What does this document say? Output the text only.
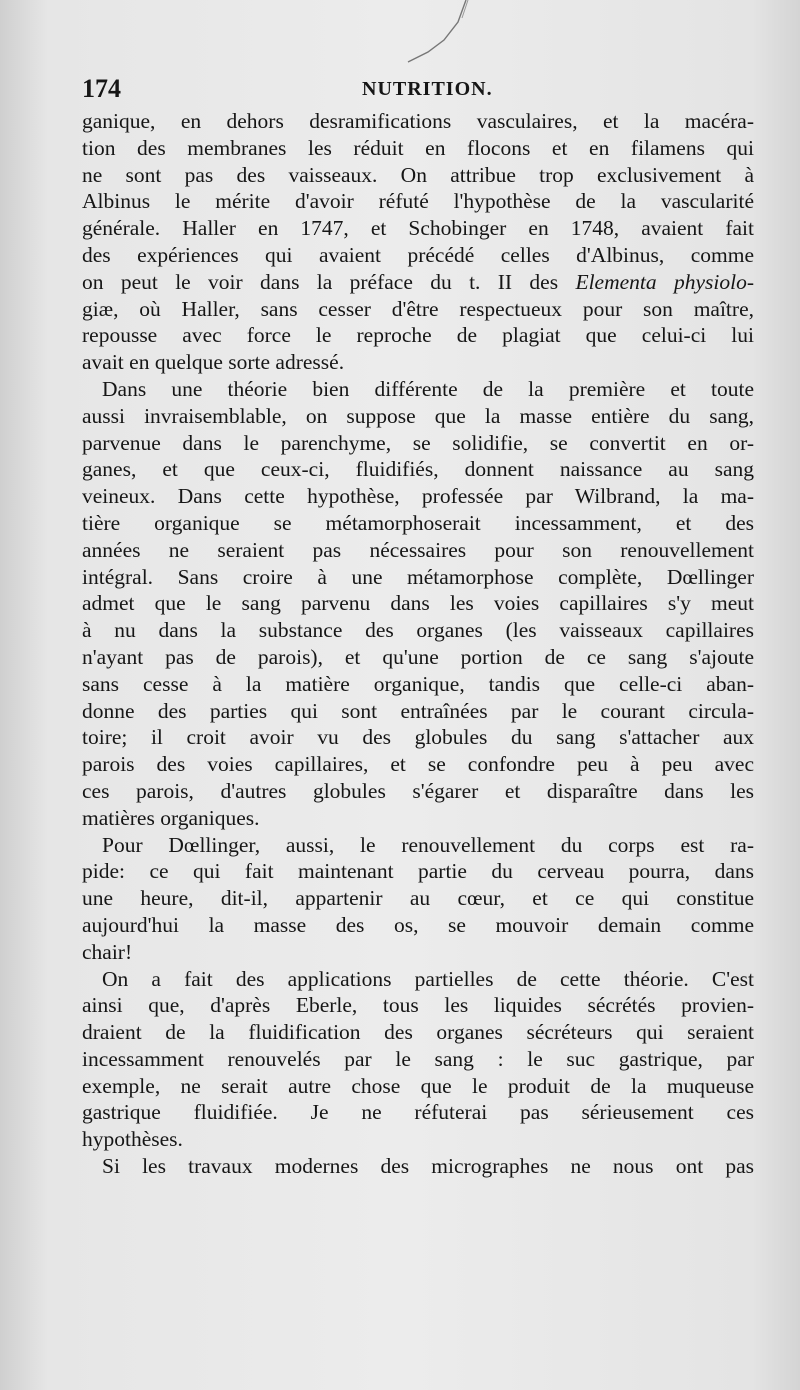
174	NUTRITION.
ganique, en dehors desramifications vasculaires, et la macéra-
tion des membranes les réduit en flocons et en filamens qui
ne sont pas des vaisseaux. On attribue trop exclusivement à
Albinus le mérite d'avoir réfuté l'hypothèse de la vascularité
générale. Haller en 1747, et Schobinger en 1748, avaient fait
des expériences qui avaient précédé celles d'Albinus, comme
on peut le voir dans la préface du t. II des Elementa physiolo-
giæ, où Haller, sans cesser d'être respectueux pour son maître,
repousse avec force le reproche de plagiat que celui-ci lui
avait en quelque sorte adressé.
Dans une théorie bien différente de la première et toute
aussi invraisemblable, on suppose que la masse entière du sang,
parvenue dans le parenchyme, se solidifie, se convertit en or-
ganes, et que ceux-ci, fluidifiés, donnent naissance au sang
veineux. Dans cette hypothèse, professée par Wilbrand, la ma-
tière organique se métamorphoserait incessamment, et des
années ne seraient pas nécessaires pour son renouvellement
intégral. Sans croire à une métamorphose complète, Dœllinger
admet que le sang parvenu dans les voies capillaires s'y meut
à nu dans la substance des organes (les vaisseaux capillaires
n'ayant pas de parois), et qu'une portion de ce sang s'ajoute
sans cesse à la matière organique, tandis que celle-ci aban-
donne des parties qui sont entraînées par le courant circula-
toire; il croit avoir vu des globules du sang s'attacher aux
parois des voies capillaires, et se confondre peu à peu avec
ces parois, d'autres globules s'égarer et disparaître dans les
matières organiques.
Pour Dœllinger, aussi, le renouvellement du corps est ra-
pide: ce qui fait maintenant partie du cerveau pourra, dans
une heure, dit-il, appartenir au cœur, et ce qui constitue
aujourd'hui la masse des os, se mouvoir demain comme
chair!
On a fait des applications partielles de cette théorie. C'est
ainsi que, d'après Eberle, tous les liquides sécrétés provien-
draient de la fluidification des organes sécréteurs qui seraient
incessamment renouvelés par le sang : le suc gastrique, par
exemple, ne serait autre chose que le produit de la muqueuse
gastrique fluidifiée. Je ne réfuterai pas sérieusement ces
hypothèses.
Si les travaux modernes des micrographes ne nous ont pas
